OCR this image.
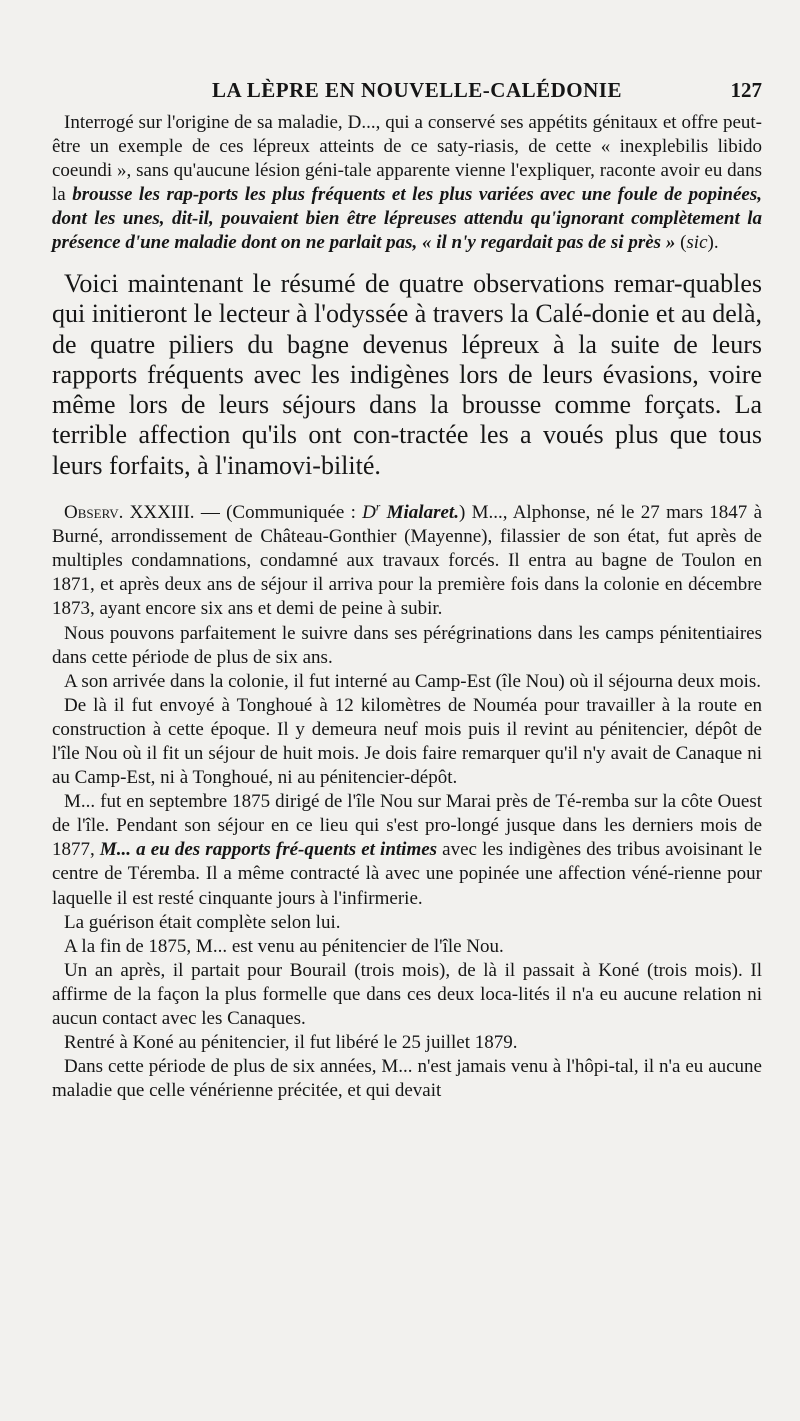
LA LÈPRE EN NOUVELLE-CALÉDONIE	127

Interrogé sur l'origine de sa maladie, D..., qui a conservé ses appétits génitaux et offre peut-être un exemple de ces lépreux atteints de ce saty-riasis, de cette « inexplebilis libido coeundi », sans qu'aucune lésion géni-tale apparente vienne l'expliquer, raconte avoir eu dans la brousse les rap-ports les plus fréquents et les plus variées avec une foule de popinées, dont les unes, dit-il, pouvaient bien être lépreuses attendu qu'ignorant complètement la présence d'une maladie dont on ne parlait pas, « il n'y regardait pas de si près » (sic).

Voici maintenant le résumé de quatre observations remar-quables qui initieront le lecteur à l'odyssée à travers la Calé-donie et au delà, de quatre piliers du bagne devenus lépreux à la suite de leurs rapports fréquents avec les indigènes lors de leurs évasions, voire même lors de leurs séjours dans la brousse comme forçats. La terrible affection qu'ils ont con-tractée les a voués plus que tous leurs forfaits, à l'inamovi-bilité.

Observ. XXXIII. — (Communiquée : $D^r$ Mialaret.) M..., Alphonse, né le 27 mars 1847 à Burné, arrondissement de Château-Gonthier (Mayenne), filassier de son état, fut après de multiples condamnations, condamné aux travaux forcés. Il entra au bagne de Toulon en 1871, et après deux ans de séjour il arriva pour la première fois dans la colonie en décembre 1873, ayant encore six ans et demi de peine à subir.

Nous pouvons parfaitement le suivre dans ses pérégrinations dans les camps pénitentiaires dans cette période de plus de six ans.

A son arrivée dans la colonie, il fut interné au Camp-Est (île Nou) où il séjourna deux mois.

De là il fut envoyé à Tonghoué à 12 kilomètres de Nouméa pour travailler à la route en construction à cette époque. Il y demeura neuf mois puis il revint au pénitencier, dépôt de l'île Nou où il fit un séjour de huit mois. Je dois faire remarquer qu'il n'y avait de Canaque ni au Camp-Est, ni à Tonghoué, ni au pénitencier-dépôt.

M... fut en septembre 1875 dirigé de l'île Nou sur Marai près de Té-remba sur la côte Ouest de l'île. Pendant son séjour en ce lieu qui s'est pro-longé jusque dans les derniers mois de 1877, M... a eu des rapports fré-quents et intimes avec les indigènes des tribus avoisinant le centre de Téremba. Il a même contracté là avec une popinée une affection véné-rienne pour laquelle il est resté cinquante jours à l'infirmerie.

La guérison était complète selon lui.

A la fin de 1875, M... est venu au pénitencier de l'île Nou.

Un an après, il partait pour Bourail (trois mois), de là il passait à Koné (trois mois). Il affirme de la façon la plus formelle que dans ces deux loca-lités il n'a eu aucune relation ni aucun contact avec les Canaques.

Rentré à Koné au pénitencier, il fut libéré le 25 juillet 1879.

Dans cette période de plus de six années, M... n'est jamais venu à l'hôpi-tal, il n'a eu aucune maladie que celle vénérienne précitée, et qui devait
